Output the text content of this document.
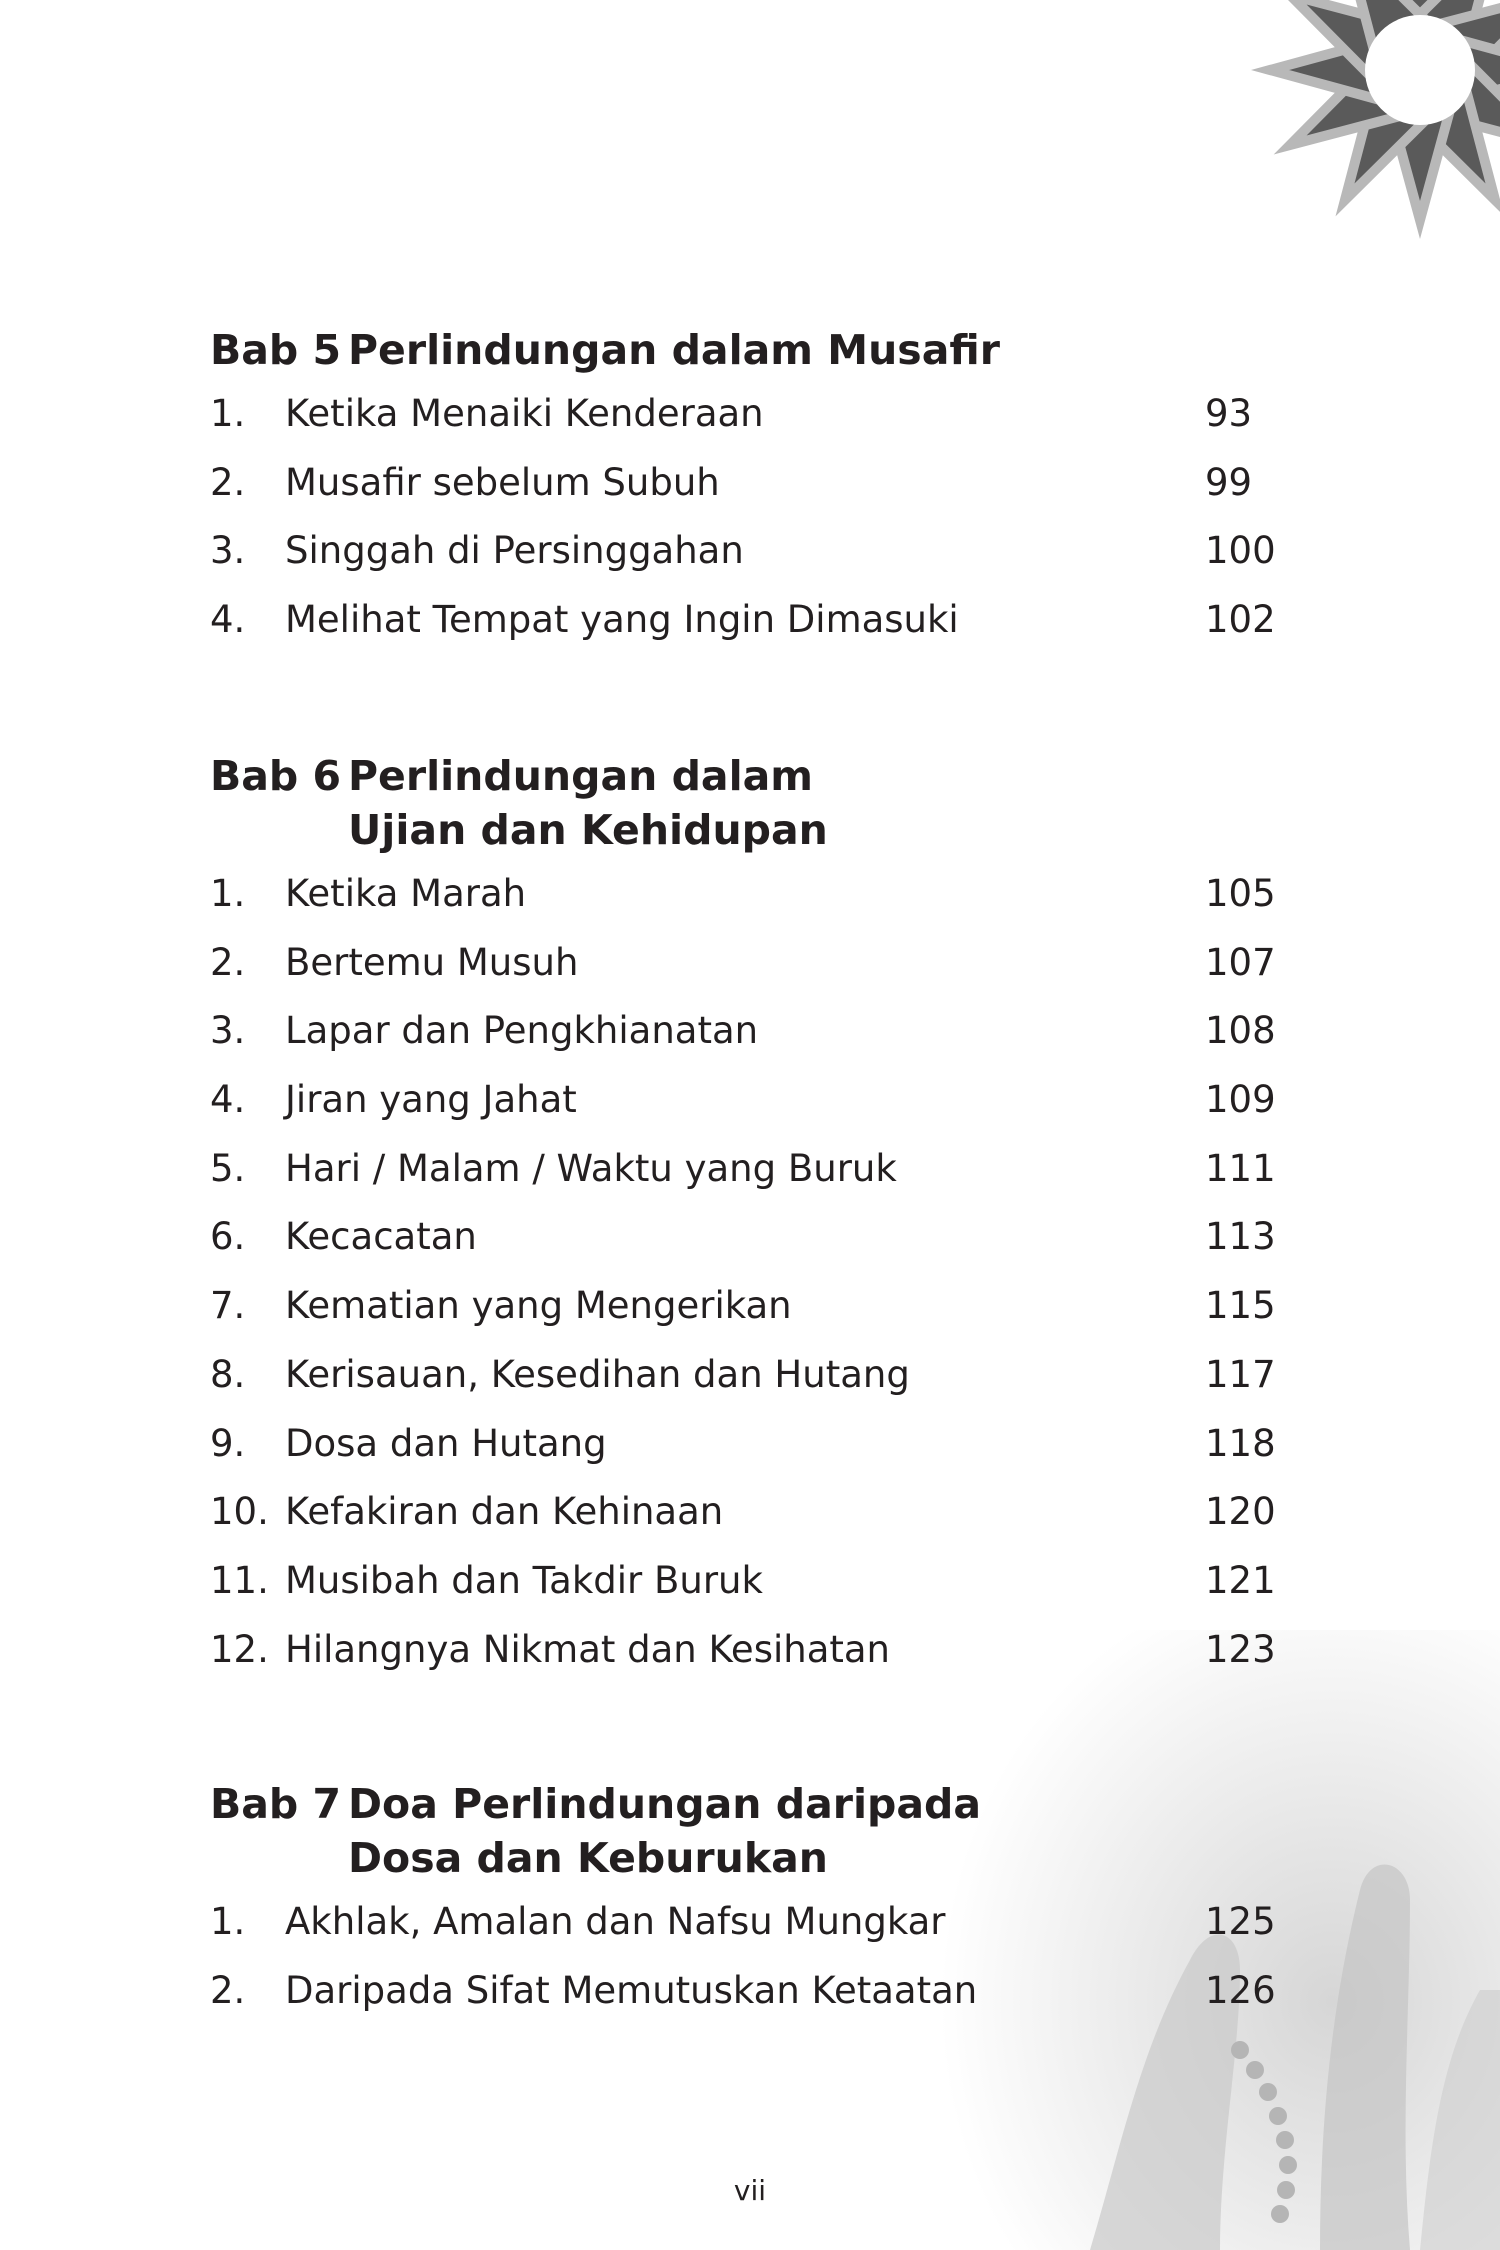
Bab 5 Perlindungan dalam Musafir
1.	Ketika Menaiki Kenderaan	93
2.	Musafir sebelum Subuh	99
3.	Singgah di Persinggahan	100
4.	Melihat Tempat yang Ingin Dimasuki	102
Bab 6 Perlindungan dalam
Ujian dan Kehidupan
1.	Ketika Marah	105
2.	Bertemu Musuh	107
3.	Lapar dan Pengkhianatan	108
4.	Jiran yang Jahat	109
5.	Hari / Malam / Waktu yang Buruk	111
6.	Kecacatan	113
7.	Kematian yang Mengerikan	115
8.	Kerisauan, Kesedihan dan Hutang	117
9.	Dosa dan Hutang	118
10. Kefakiran dan Kehinaan	120
11. Musibah dan Takdir Buruk	121
12. Hilangnya Nikmat dan Kesihatan	123
Bab 7 Doa Perlindungan daripada
Dosa dan Keburukan
1.	Akhlak, Amalan dan Nafsu Mungkar	125
2.	Daripada Sifat Memutuskan Ketaatan	126
vii
